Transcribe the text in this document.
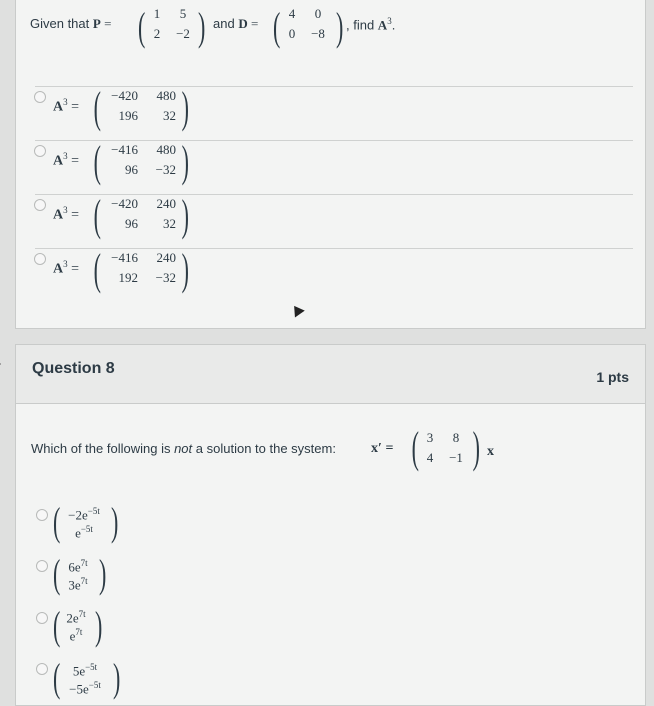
Given that P = ( 1	5
2	−2 ) and D = ( 4	0
0	−8 ) , find $A^3$.
$A^3$ = ( −420	480
196	32 )
$A^3$ = ( −416	480
96	−32 )
$A^3$ = ( −420	240
96	32 )
$A^3$ = ( −416	240
192	−32 )
Question 8	1 pts
Which of the following is not a solution to the system:	x′ = ( 3	8
4	−1 ) x
( $-2e^{-5t}$
$e^{-5t}$ )
( $6e^{7t}$
$3e^{7t}$ )
( $2e^{7t}$
$e^{7t}$ )
( $5e^{-5t}$
$-5e^{-5t}$ )
